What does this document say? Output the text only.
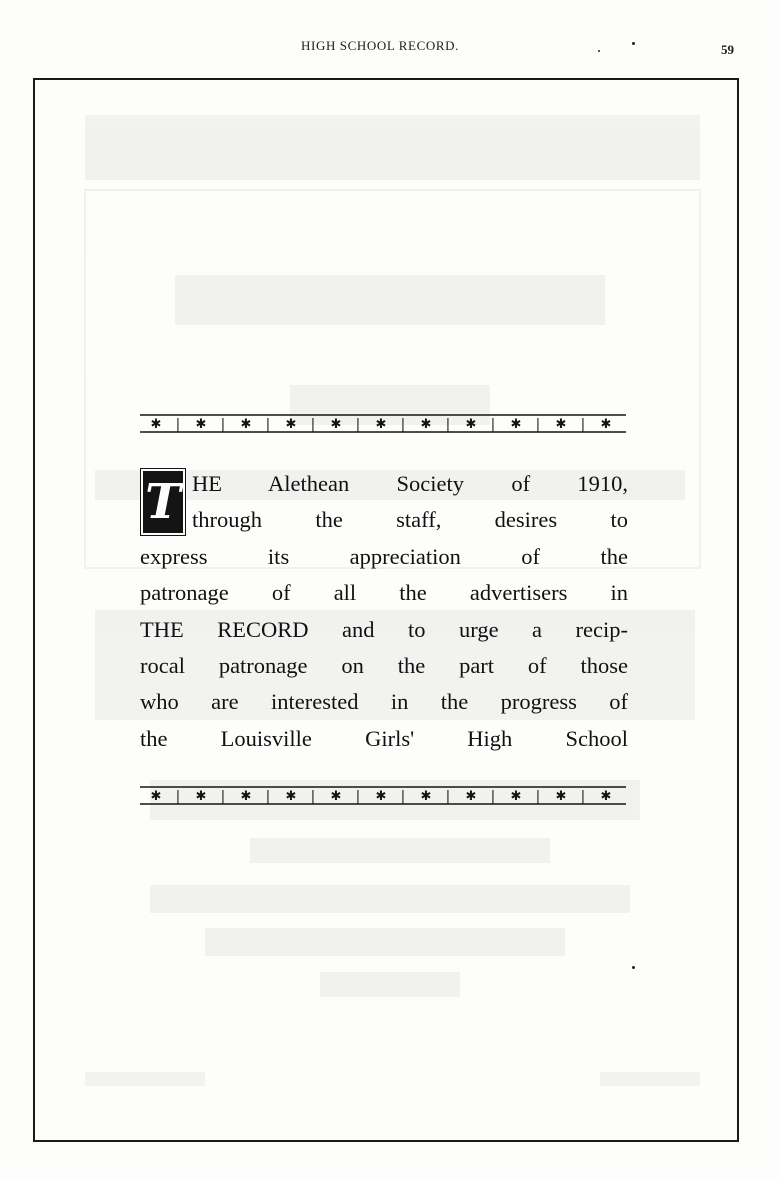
HIGH SCHOOL RECORD.	59
✱ | ✱ | ✱ | ✱ | ✱ | ✱ | ✱ | ✱ | ✱ | ✱ | ✱
T HE Alethean Society of 1910,
through the staff, desires to
express its appreciation of the
patronage of all the advertisers in
THE RECORD and to urge a recip-
rocal patronage on the part of those
who are interested in the progress of
the Louisville Girls' High School
✱ | ✱ | ✱ | ✱ | ✱ | ✱ | ✱ | ✱ | ✱ | ✱ | ✱
